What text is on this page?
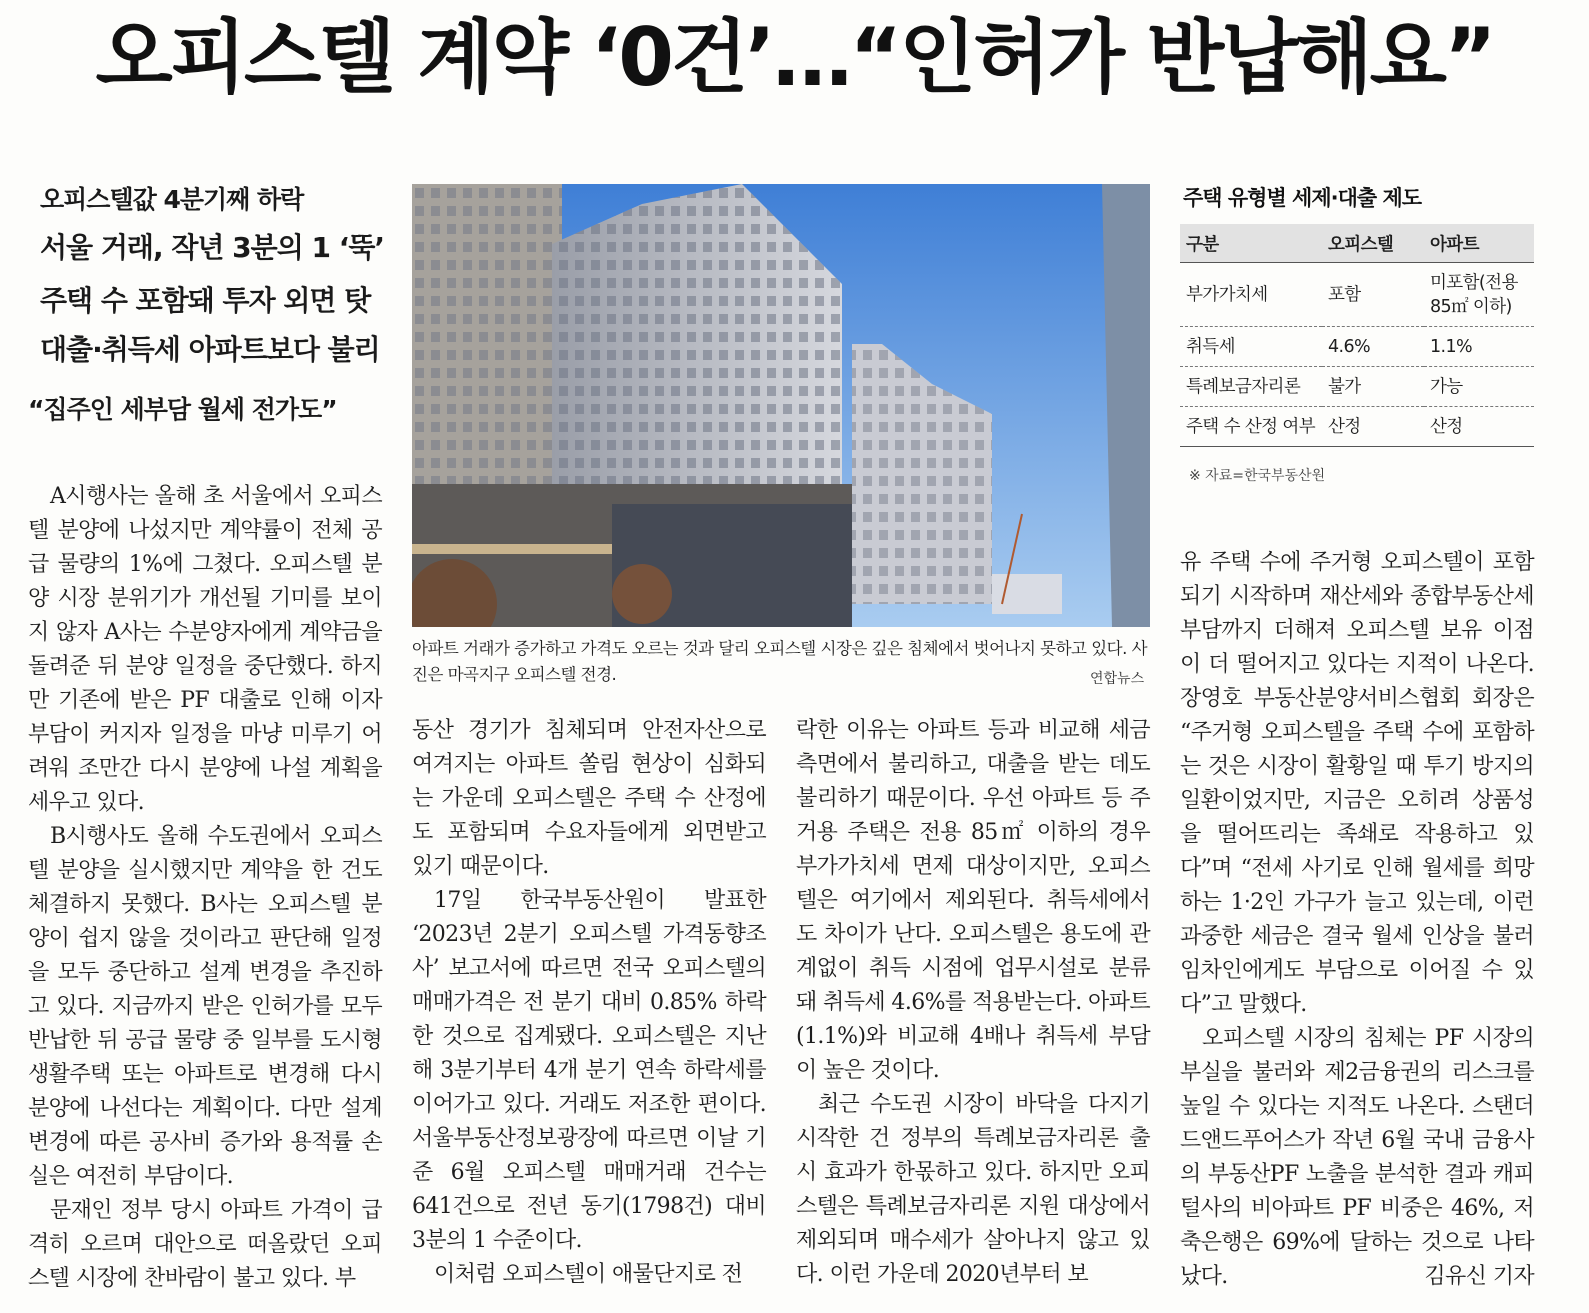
오피스텔 계약 ‘0건’…“인허가 반납해요”
오피스텔값 4분기째 하락
서울 거래, 작년 3분의 1 ‘뚝’
주택 수 포함돼 투자 외면 탓
대출·취득세 아파트보다 불리
“집주인 세부담 월세 전가도”

A시행사는 올해 초 서울에서 오피스텔 분양에 나섰지만 계약률이 전체 공급 물량의 1%에 그쳤다. 오피스텔 분양 시장 분위기가 개선될 기미를 보이지 않자 A사는 수분양자에게 계약금을 돌려준 뒤 분양 일정을 중단했다. 하지만 기존에 받은 PF 대출로 인해 이자 부담이 커지자 일정을 마냥 미루기 어려워 조만간 다시 분양에 나설 계획을 세우고 있다.

B시행사도 올해 수도권에서 오피스텔 분양을 실시했지만 계약을 한 건도 체결하지 못했다. B사는 오피스텔 분양이 쉽지 않을 것이라고 판단해 일정을 모두 중단하고 설계 변경을 추진하고 있다. 지금까지 받은 인허가를 모두 반납한 뒤 공급 물량 중 일부를 도시형 생활주택 또는 아파트로 변경해 다시 분양에 나선다는 계획이다. 다만 설계 변경에 따른 공사비 증가와 용적률 손실은 여전히 부담이다.

문재인 정부 당시 아파트 가격이 급격히 오르며 대안으로 떠올랐던 오피스텔 시장에 찬바람이 불고 있다. 부

아파트 거래가 증가하고 가격도 오르는 것과 달리 오피스텔 시장은 깊은 침체에서 벗어나지 못하고 있다. 사진은 마곡지구 오피스텔 전경.	연합뉴스

동산 경기가 침체되며 안전자산으로 여겨지는 아파트 쏠림 현상이 심화되는 가운데 오피스텔은 주택 수 산정에도 포함되며 수요자들에게 외면받고 있기 때문이다.

17일 한국부동산원이 발표한 ‘2023년 2분기 오피스텔 가격동향조사’ 보고서에 따르면 전국 오피스텔의 매매가격은 전 분기 대비 0.85% 하락한 것으로 집계됐다. 오피스텔은 지난해 3분기부터 4개 분기 연속 하락세를 이어가고 있다. 거래도 저조한 편이다. 서울부동산정보광장에 따르면 이날 기준 6월 오피스텔 매매거래 건수는 641건으로 전년 동기(1798건) 대비 3분의 1 수준이다.

이처럼 오피스텔이 애물단지로 전

락한 이유는 아파트 등과 비교해 세금 측면에서 불리하고, 대출을 받는 데도 불리하기 때문이다. 우선 아파트 등 주거용 주택은 전용 85㎡ 이하의 경우 부가가치세 면제 대상이지만, 오피스텔은 여기에서 제외된다. 취득세에서도 차이가 난다. 오피스텔은 용도에 관계없이 취득 시점에 업무시설로 분류돼 취득세 4.6%를 적용받는다. 아파트(1.1%)와 비교해 4배나 취득세 부담이 높은 것이다.

최근 수도권 시장이 바닥을 다지기 시작한 건 정부의 특례보금자리론 출시 효과가 한몫하고 있다. 하지만 오피스텔은 특례보금자리론 지원 대상에서 제외되며 매수세가 살아나지 않고 있다. 이런 가운데 2020년부터 보

주택 유형별 세제·대출 제도
구분	오피스텔	아파트
부가가치세	포함	미포함(전용 85㎡ 이하)
취득세	4.6%	1.1%
특례보금자리론	불가	가능
주택 수 산정 여부	산정	산정
※ 자료=한국부동산원

유 주택 수에 주거형 오피스텔이 포함되기 시작하며 재산세와 종합부동산세 부담까지 더해져 오피스텔 보유 이점이 더 떨어지고 있다는 지적이 나온다. 장영호 부동산분양서비스협회 회장은 “주거형 오피스텔을 주택 수에 포함하는 것은 시장이 활황일 때 투기 방지의 일환이었지만, 지금은 오히려 상품성을 떨어뜨리는 족쇄로 작용하고 있다”며 “전세 사기로 인해 월세를 희망하는 1·2인 가구가 늘고 있는데, 이런 과중한 세금은 결국 월세 인상을 불러 임차인에게도 부담으로 이어질 수 있다”고 말했다.

오피스텔 시장의 침체는 PF 시장의 부실을 불러와 제2금융권의 리스크를 높일 수 있다는 지적도 나온다. 스탠더드앤드푸어스가 작년 6월 국내 금융사의 부동산PF 노출을 분석한 결과 캐피털사의 비아파트 PF 비중은 46%, 저축은행은 69%에 달하는 것으로 나타났다.	김유신 기자
